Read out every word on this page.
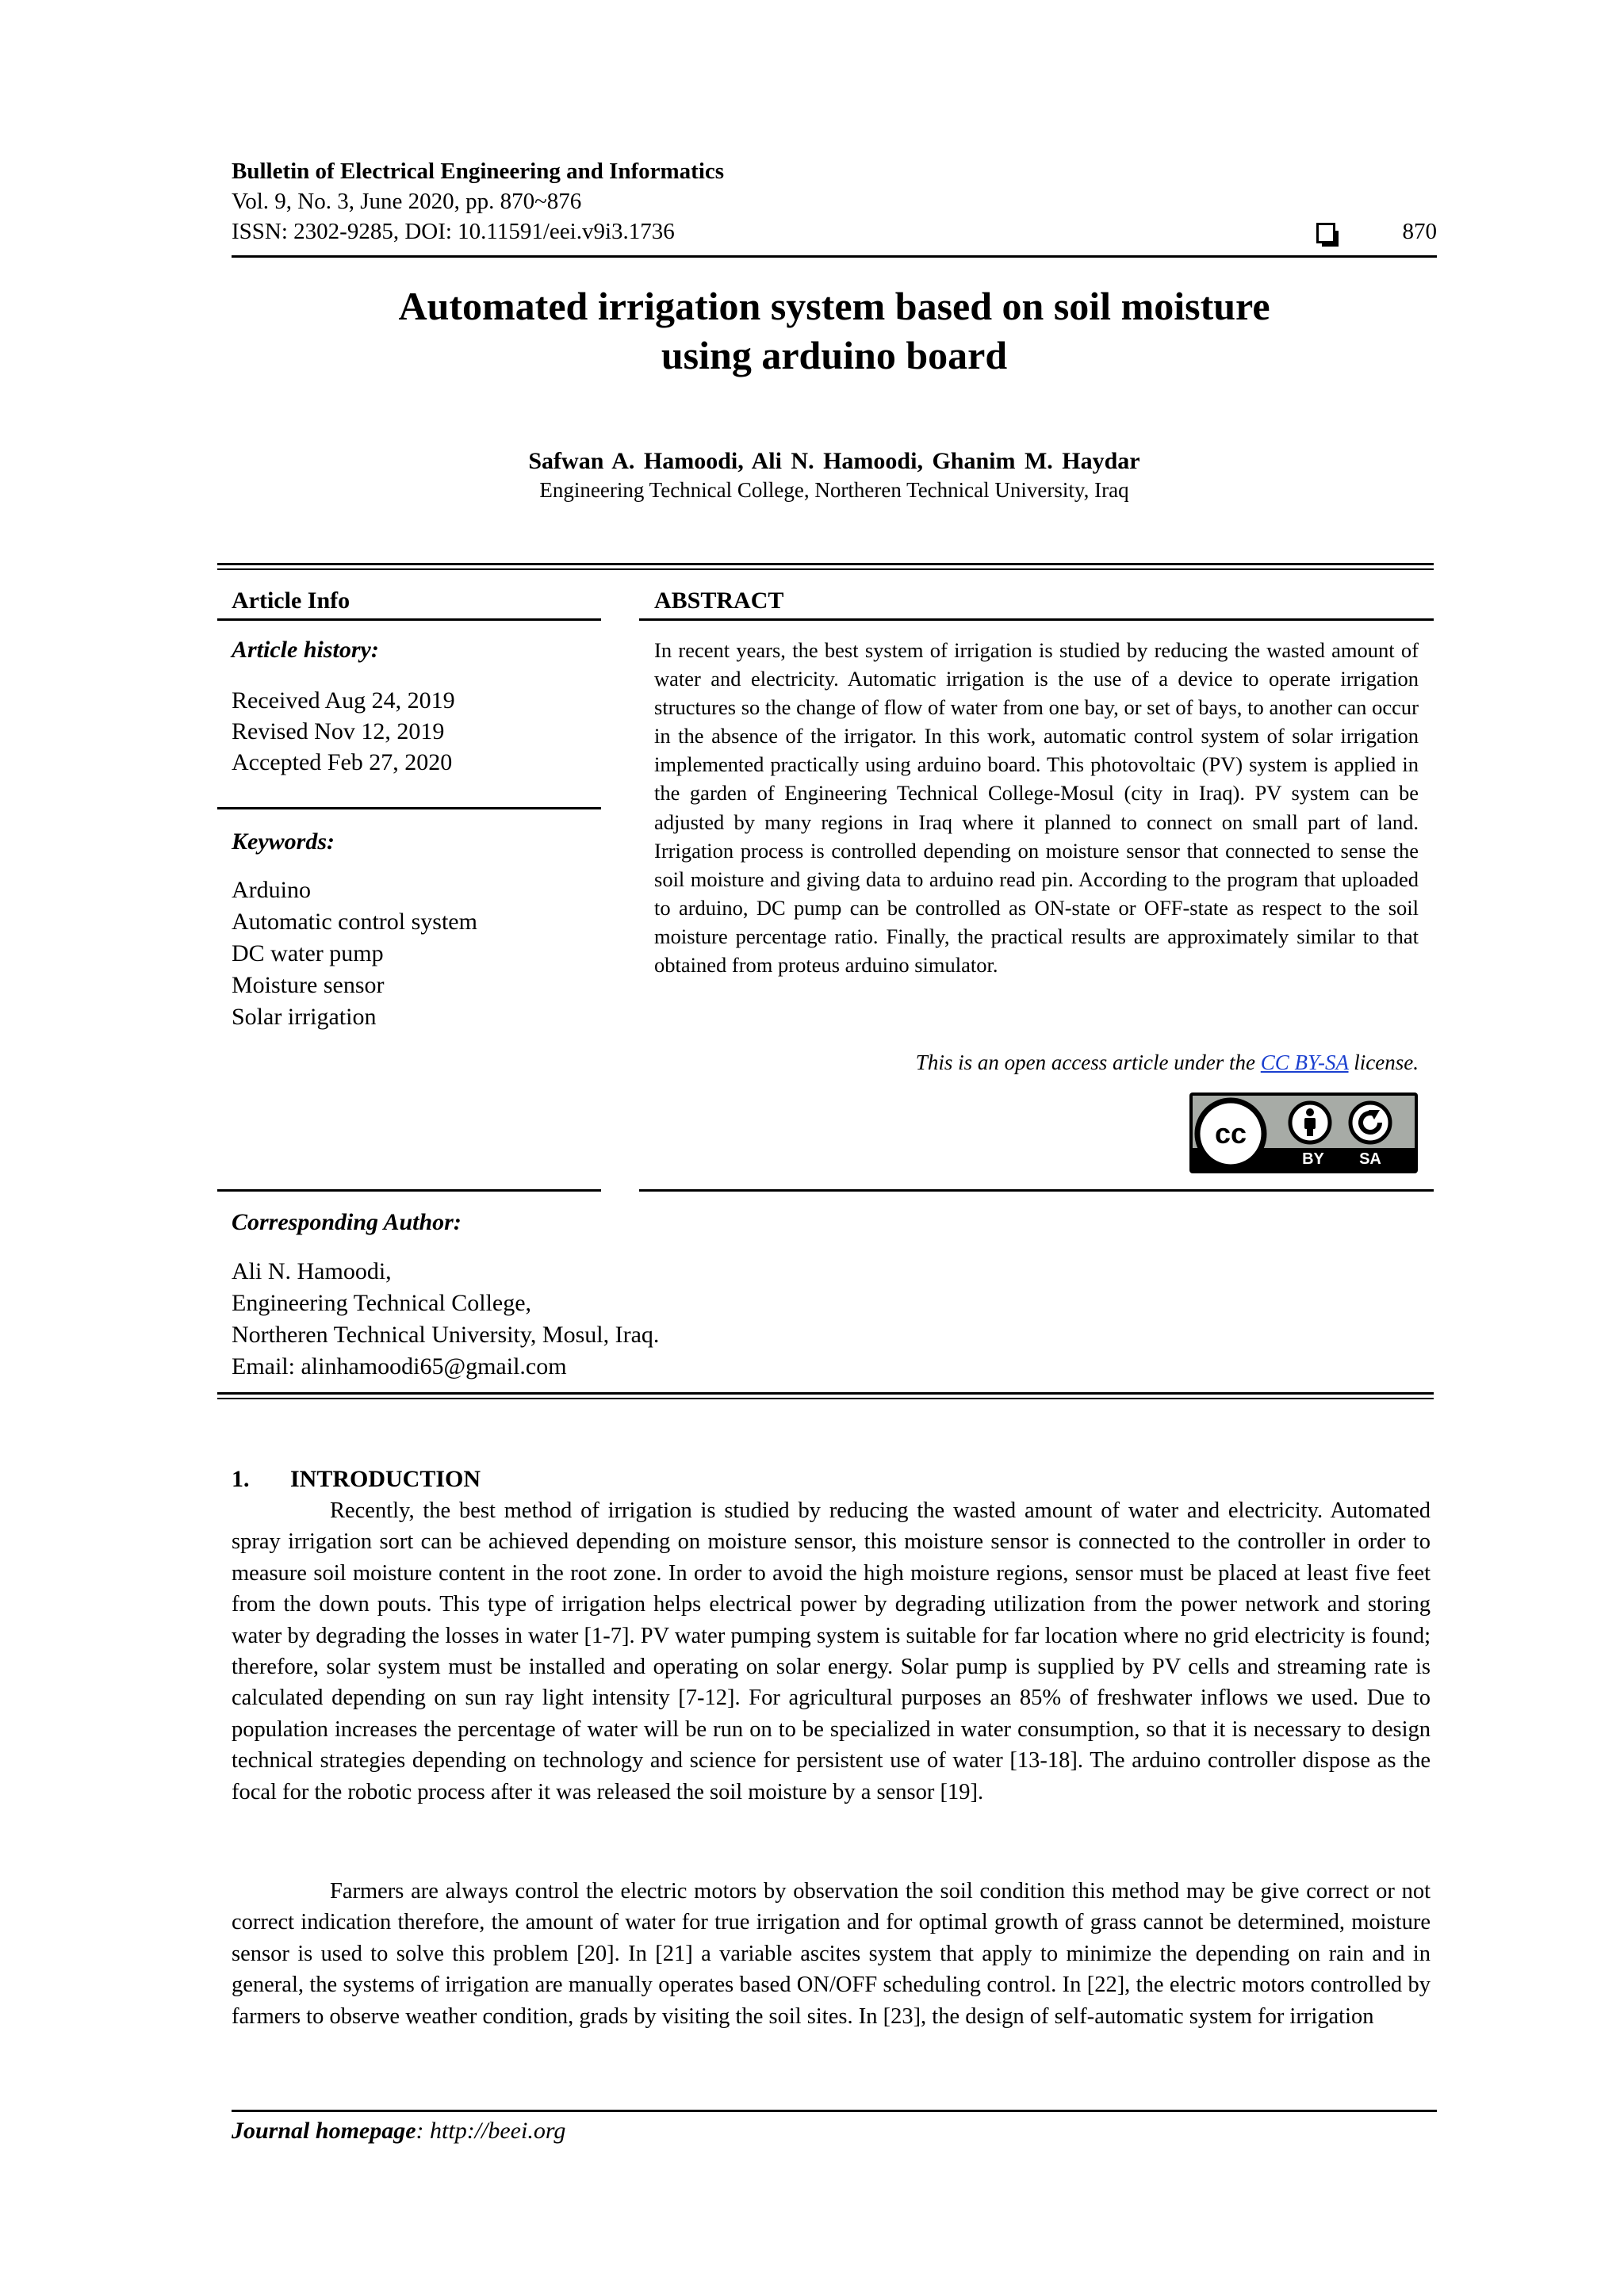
Bulletin of Electrical Engineering and Informatics
Vol. 9, No. 3, June 2020, pp. 870~876
ISSN: 2302-9285, DOI: 10.11591/eei.v9i3.1736	870
Automated irrigation system based on soil moisture
using arduino board
Safwan A. Hamoodi, Ali N. Hamoodi, Ghanim M. Haydar
Engineering Technical College, Northeren Technical University, Iraq
Article Info
Article history:
Received Aug 24, 2019
Revised Nov 12, 2019
Accepted Feb 27, 2020
Keywords:
Arduino
Automatic control system
DC water pump
Moisture sensor
Solar irrigation
ABSTRACT
In recent years, the best system of irrigation is studied by reducing the wasted amount of water and electricity. Automatic irrigation is the use of a device to operate irrigation structures so the change of flow of water from one bay, or set of bays, to another can occur in the absence of the irrigator. In this work, automatic control system of solar irrigation implemented practically using arduino board. This photovoltaic (PV) system is applied in the garden of Engineering Technical College-Mosul (city in Iraq). PV system can be adjusted by many regions in Iraq where it planned to connect on small part of land. Irrigation process is controlled depending on moisture sensor that connected to sense the soil moisture and giving data to arduino read pin. According to the program that uploaded to arduino, DC pump can be controlled as ON-state or OFF-state as respect to the soil moisture percentage ratio. Finally, the practical results are approximately similar to that obtained from proteus arduino simulator.
This is an open access article under the CC BY-SA license.
cc
BY	SA
Corresponding Author:
Ali N. Hamoodi,
Engineering Technical College,
Northeren Technical University, Mosul, Iraq.
Email: alinhamoodi65@gmail.com
1. INTRODUCTION
Recently, the best method of irrigation is studied by reducing the wasted amount of water and electricity. Automated spray irrigation sort can be achieved depending on moisture sensor, this moisture sensor is connected to the controller in order to measure soil moisture content in the root zone. In order to avoid the high moisture regions, sensor must be placed at least five feet from the down pouts. This type of irrigation helps electrical power by degrading utilization from the power network and storing water by degrading the losses in water [1-7]. PV water pumping system is suitable for far location where no grid electricity is found; therefore, solar system must be installed and operating on solar energy. Solar pump is supplied by PV cells and streaming rate is calculated depending on sun ray light intensity [7-12]. For agricultural purposes an 85% of freshwater inflows we used. Due to population increases the percentage of water will be run on to be specialized in water consumption, so that it is necessary to design technical strategies depending on technology and science for persistent use of water [13-18]. The arduino controller dispose as the focal for the robotic process after it was released the soil moisture by a sensor [19].
Farmers are always control the electric motors by observation the soil condition this method may be give correct or not correct indication therefore, the amount of water for true irrigation and for optimal growth of grass cannot be determined, moisture sensor is used to solve this problem [20]. In [21] a variable ascites system that apply to minimize the depending on rain and in general, the systems of irrigation are manually operates based ON/OFF scheduling control. In [22], the electric motors controlled by farmers to observe weather condition, grads by visiting the soil sites. In [23], the design of self-automatic system for irrigation
Journal homepage: http://beei.org
